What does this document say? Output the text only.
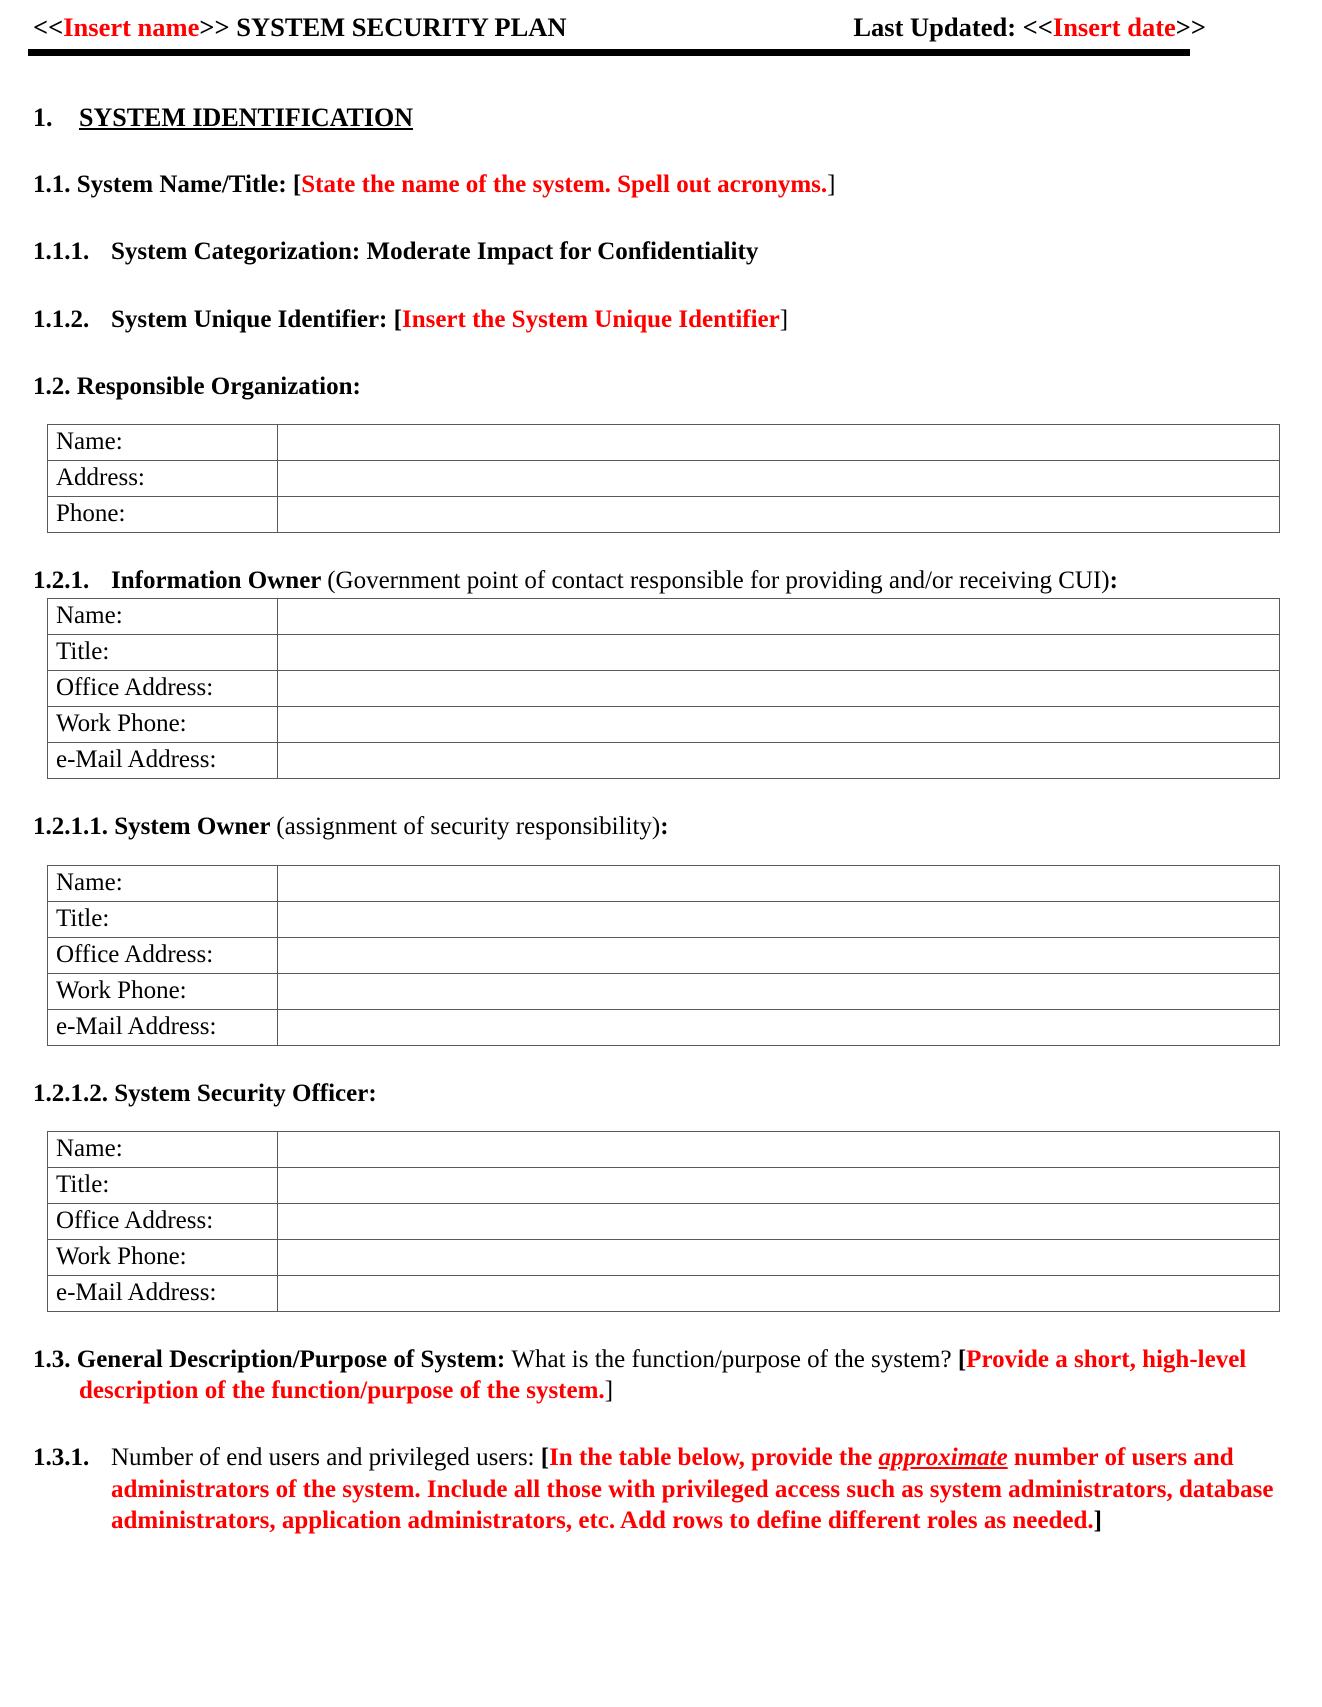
<<Insert name>> SYSTEM SECURITY PLAN	Last Updated: <<Insert date>>
1.	SYSTEM IDENTIFICATION

1.1. System Name/Title: [State the name of the system. Spell out acronyms.]

1.1.1. System Categorization: Moderate Impact for Confidentiality

1.1.2. System Unique Identifier: [Insert the System Unique Identifier]

1.2. Responsible Organization:

Name:	
Address:	
Phone:	

1.2.1. Information Owner (Government point of contact responsible for providing and/or receiving CUI):

Name:	
Title:	
Office Address:	
Work Phone:	
e-Mail Address:	

1.2.1.1. System Owner (assignment of security responsibility):

Name:	
Title:	
Office Address:	
Work Phone:	
e-Mail Address:	

1.2.1.2. System Security Officer:

Name:	
Title:	
Office Address:	
Work Phone:	
e-Mail Address:	

1.3. General Description/Purpose of System: What is the function/purpose of the system? [Provide a short, high-level description of the function/purpose of the system.]

1.3.1. Number of end users and privileged users: [In the table below, provide the approximate number of users and administrators of the system. Include all those with privileged access such as system administrators, database administrators, application administrators, etc. Add rows to define different roles as needed.]
